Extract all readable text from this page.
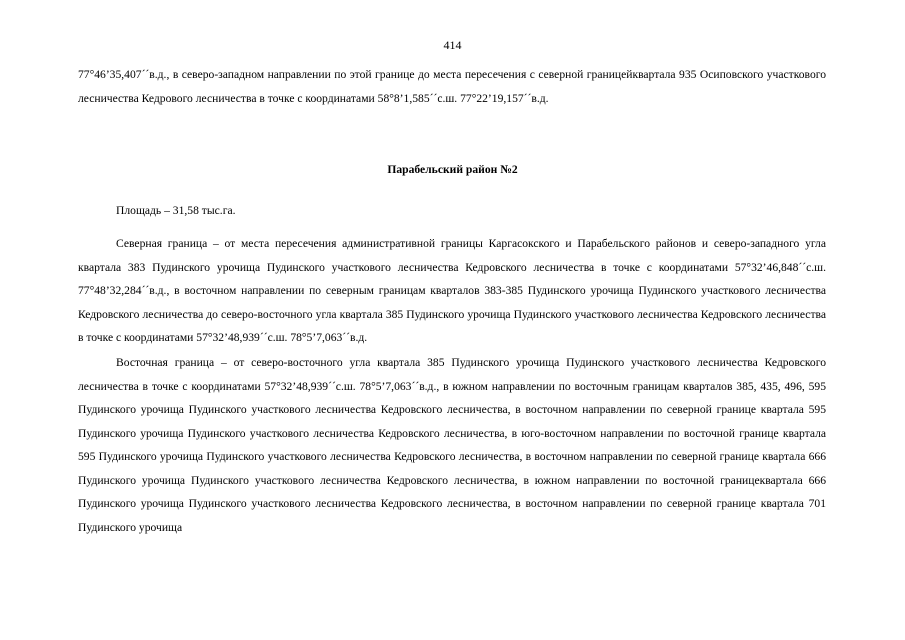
414

77°46’35,407´´в.д., в северо-западном направлении по этой границе до места пересечения с северной границейквартала 935 Осиповского участкового лесничества Кедрового лесничества в точке с координатами 58°8’1,585´´с.ш. 77°22’19,157´´в.д.

Парабельский район №2

Площадь – 31,58 тыс.га.

Северная граница – от места пересечения административной границы Каргасокского и Парабельского районов и северо-западного угла квартала 383 Пудинского урочища Пудинского участкового лесничества Кедровского лесничества в точке с координатами 57°32’46,848´´с.ш. 77°48’32,284´´в.д., в восточном направлении по северным границам кварталов 383-385 Пудинского урочища Пудинского участкового лесничества Кедровского лесничества до северо-восточного угла квартала 385 Пудинского урочища Пудинского участкового лесничества Кедровского лесничества в точке с координатами 57°32’48,939´´с.ш. 78°5’7,063´´в.д.

Восточная граница – от северо-восточного угла квартала 385 Пудинского урочища Пудинского участкового лесничества Кедровского лесничества в точке с координатами 57°32’48,939´´с.ш. 78°5’7,063´´в.д., в южном направлении по восточным границам кварталов 385, 435, 496, 595 Пудинского урочища Пудинского участкового лесничества Кедровского лесничества, в восточном направлении по северной границе квартала 595 Пудинского урочища Пудинского участкового лесничества Кедровского лесничества, в юго-восточном направлении по восточной границе квартала 595 Пудинского урочища Пудинского участкового лесничества Кедровского лесничества, в восточном направлении по северной границе квартала 666 Пудинского урочища Пудинского участкового лесничества Кедровского лесничества, в южном направлении по восточной границеквартала 666 Пудинского урочища Пудинского участкового лесничества Кедровского лесничества, в восточном направлении по северной границе квартала 701 Пудинского урочища
